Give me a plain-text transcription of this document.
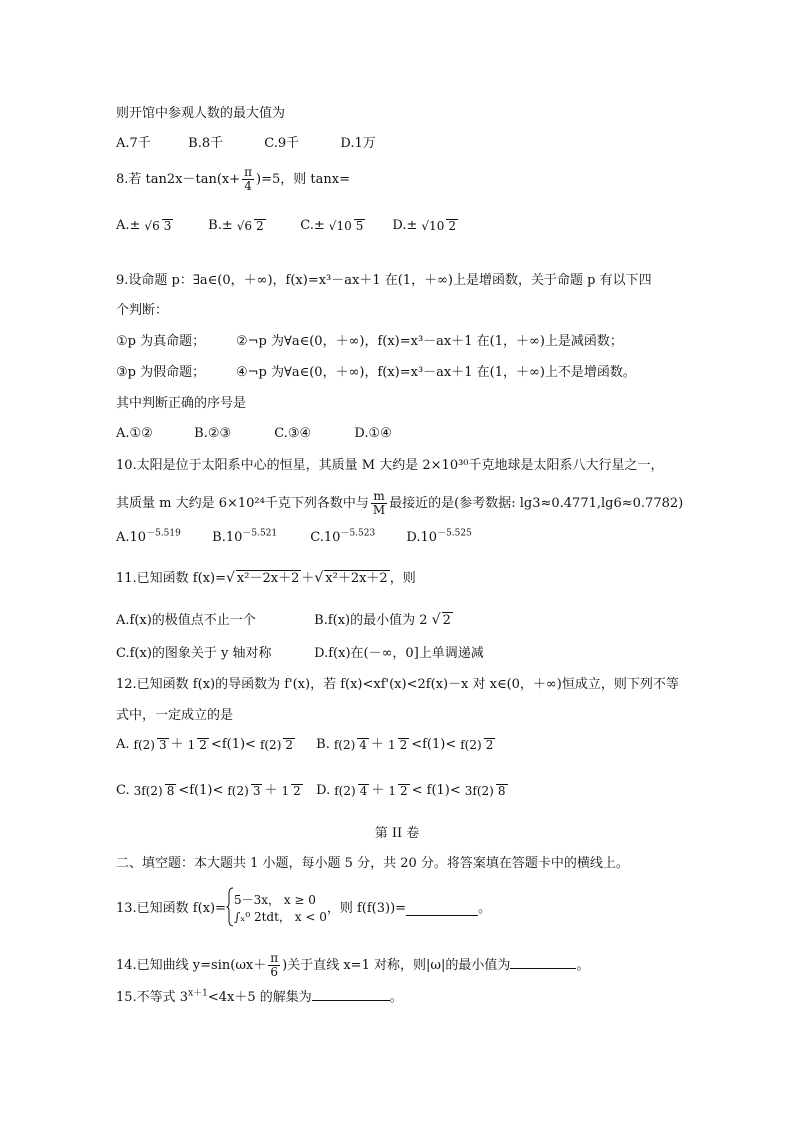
则开馆中参观人数的最大值为
A.7千	B.8千	C.9千	D.1万
8.若 $\tan 2x-\tan(x+ \frac{\pi}{4} )=5$，则 tanx=
A.± √6 3	B.± √6 2	C.± √10 5 D.± √10 2
9.设命题 p：∃a∈(0，＋∞)，f(x)=x³－ax＋1 在(1，＋∞)上是增函数，关于命题 p 有以下四
个判断：
①p 为真命题； ②¬p 为∀a∈(0，＋∞)，f(x)=x³－ax＋1 在(1，＋∞)上是减函数；
③p 为假命题； ④¬p 为∀a∈(0，＋∞)，f(x)=x³－ax＋1 在(1，＋∞)上不是增函数。
其中判断正确的序号是
A.①②	B.②③	C.③④	D.①④
10.太阳是位于太阳系中心的恒星，其质量 M 大约是 2×10³⁰千克地球是太阳系八大行星之一，
其质量 m 大约是 6×10²⁴千克下列各数中与 $\frac{m}{M}$ 最接近的是(参考数据: lg3≈0.4771,lg6≈0.7782)
$A.10^{-5.519}$ $B.10^{-5.521}$	$C.10^{-5.523}$ $D.10^{-5.525}$
11.已知函数 f(x)=√ x²－2x＋2 ＋√ x²＋2x＋2 ，则
A.f(x)的极值点不止一个	B.f(x)的最小值为 2 √ 2
C.f(x)的图象关于 y 轴对称	D.f(x)在(－∞，0]上单调递减
12.已知函数 f(x)的导函数为 f'(x)，若 f(x)<xf'(x)<2f(x)－x 对 x∈(0，＋∞)恒成立，则下列不等
式中，一定成立的是
A. f(2) 3 ＋ 1 2 <f(1)< f(2) 2 B. f(2) 4 ＋ 1 2 <f(1)< f(2) 2
C. 3f(2) 8 <f(1)< f(2) 3 ＋ 1 2 D. f(2) 4 ＋ 1 2 < f(1)< 3f(2) 8
第 II 卷
二、填空题：本大题共 1 小题，每小题 5 分，共 20 分。将答案填在答题卡中的横线上。
13.已知函数 f(x)=
5－3x， x ≥ 0
∫ₓ⁰ 2tdt， x < 0
，则 f(f(3))=	。
14.已知曲线 $y=\sin(\omega x+ \frac{\pi}{6}$ )关于直线 x=1 对称，则|ω|的最小值为	。
15.不等式 $3^{x+1}<4x+5$ 的解集为	。
